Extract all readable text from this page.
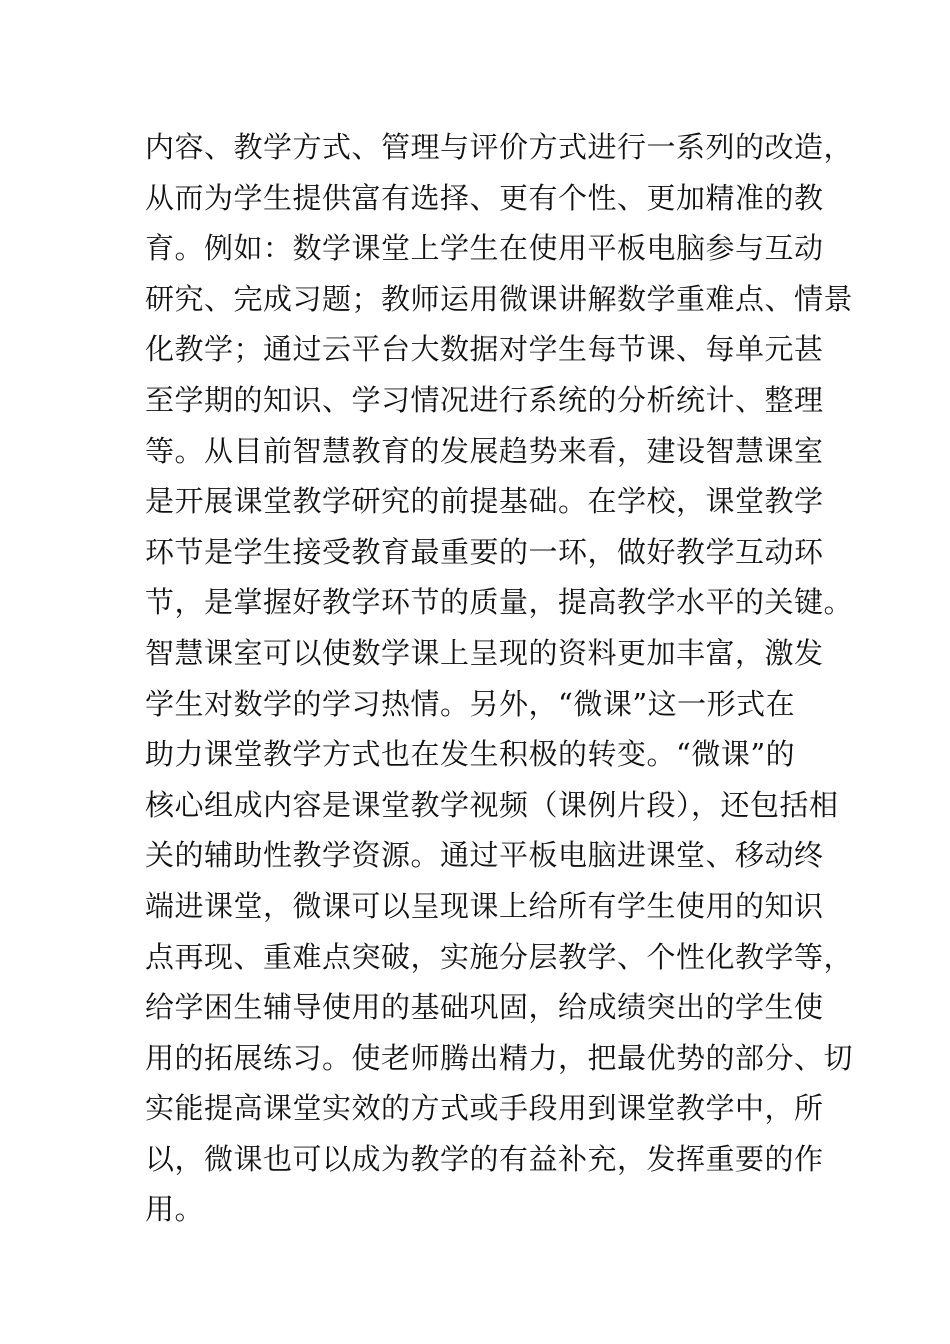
内容、教学方式、管理与评价方式进行一系列的改造，
从而为学生提供富有选择、更有个性、更加精准的教
育。例如：数学课堂上学生在使用平板电脑参与互动
研究、完成习题；教师运用微课讲解数学重难点、情景
化教学；通过云平台大数据对学生每节课、每单元甚
至学期的知识、学习情况进行系统的分析统计、整理
等。从目前智慧教育的发展趋势来看，建设智慧课室
是开展课堂教学研究的前提基础。在学校，课堂教学
环节是学生接受教育最重要的一环，做好教学互动环
节，是掌握好教学环节的质量，提高教学水平的关键。
智慧课室可以使数学课上呈现的资料更加丰富，激发
学生对数学的学习热情。另外，“微课”这一形式在
助力课堂教学方式也在发生积极的转变。“微课”的
核心组成内容是课堂教学视频（课例片段），还包括相
关的辅助性教学资源。通过平板电脑进课堂、移动终
端进课堂，微课可以呈现课上给所有学生使用的知识
点再现、重难点突破，实施分层教学、个性化教学等，
给学困生辅导使用的基础巩固，给成绩突出的学生使
用的拓展练习。使老师腾出精力，把最优势的部分、切
实能提高课堂实效的方式或手段用到课堂教学中，所
以，微课也可以成为教学的有益补充，发挥重要的作
用。
